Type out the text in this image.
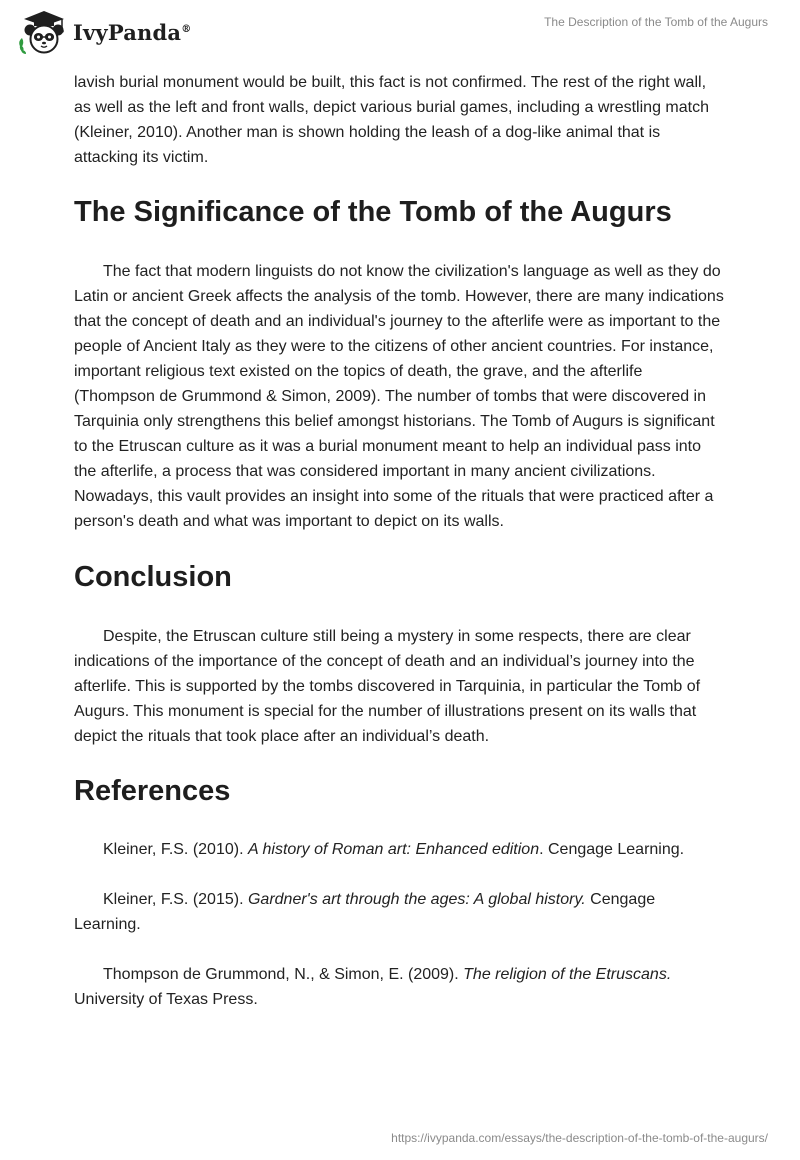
IvyPanda®	The Description of the Tomb of the Augurs

lavish burial monument would be built, this fact is not confirmed. The rest of the right wall, as well as the left and front walls, depict various burial games, including a wrestling match (Kleiner, 2010). Another man is shown holding the leash of a dog-like animal that is attacking its victim.

The Significance of the Tomb of the Augurs

The fact that modern linguists do not know the civilization's language as well as they do Latin or ancient Greek affects the analysis of the tomb. However, there are many indications that the concept of death and an individual's journey to the afterlife were as important to the people of Ancient Italy as they were to the citizens of other ancient countries. For instance, important religious text existed on the topics of death, the grave, and the afterlife (Thompson de Grummond & Simon, 2009). The number of tombs that were discovered in Tarquinia only strengthens this belief amongst historians. The Tomb of Augurs is significant to the Etruscan culture as it was a burial monument meant to help an individual pass into the afterlife, a process that was considered important in many ancient civilizations. Nowadays, this vault provides an insight into some of the rituals that were practiced after a person's death and what was important to depict on its walls.

Conclusion

Despite, the Etruscan culture still being a mystery in some respects, there are clear indications of the importance of the concept of death and an individual’s journey into the afterlife. This is supported by the tombs discovered in Tarquinia, in particular the Tomb of Augurs. This monument is special for the number of illustrations present on its walls that depict the rituals that took place after an individual’s death.

References

Kleiner, F.S. (2010). A history of Roman art: Enhanced edition. Cengage Learning.

Kleiner, F.S. (2015). Gardner's art through the ages: A global history. Cengage Learning.

Thompson de Grummond, N., & Simon, E. (2009). The religion of the Etruscans. University of Texas Press.

https://ivypanda.com/essays/the-description-of-the-tomb-of-the-augurs/
